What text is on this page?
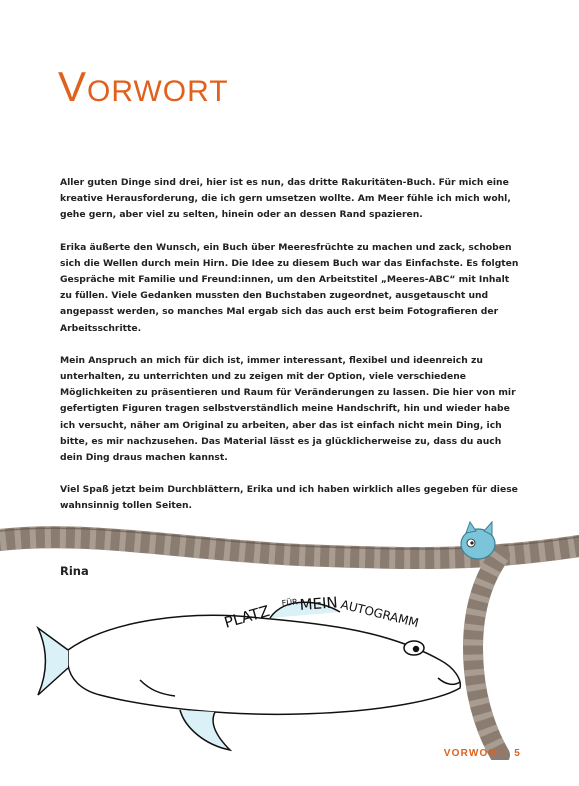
VORWORT

Aller guten Dinge sind drei, hier ist es nun, das dritte Rakuritäten-Buch. Für mich eine kreative Herausforderung, die ich gern umsetzen wollte. Am Meer fühle ich mich wohl, gehe gern, aber viel zu selten, hinein oder an dessen Rand spazieren.

Erika äußerte den Wunsch, ein Buch über Meeresfrüchte zu machen und zack, schoben sich die Wellen durch mein Hirn. Die Idee zu diesem Buch war das Einfachste. Es folgten Gespräche mit Familie und Freund:innen, um den Arbeitstitel „Meeres-ABC“ mit Inhalt zu füllen. Viele Gedanken mussten den Buchstaben zugeordnet, ausgetauscht und angepasst werden, so manches Mal ergab sich das auch erst beim Fotografieren der Arbeitsschritte.

Mein Anspruch an mich für dich ist, immer interessant, flexibel und ideenreich zu unterhalten, zu unterrichten und zu zeigen mit der Option, viele verschiedene Möglichkeiten zu präsentieren und Raum für Veränderungen zu lassen. Die hier von mir gefertigten Figuren tragen selbstverständlich meine Handschrift, hin und wieder habe ich versucht, näher am Original zu arbeiten, aber das ist einfach nicht mein Ding, ich bitte, es mir nachzusehen. Das Material lässt es ja glücklicherweise zu, dass du auch dein Ding draus machen kannst.

Viel Spaß jetzt beim Durchblättern, Erika und ich haben wirklich alles gegeben für diese wahnsinnig tollen Seiten.

Herzlichst

Rina

PLATZ FÜR MEIN AUTOGRAMM
VORWORT 5
